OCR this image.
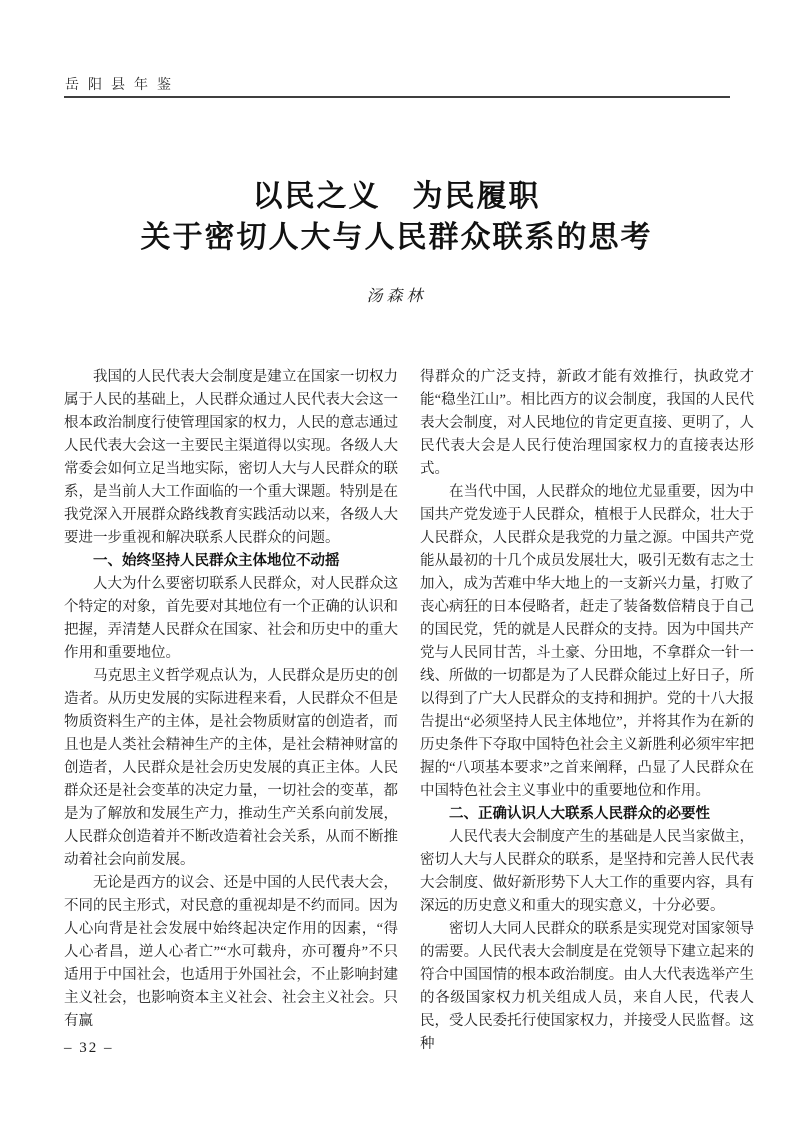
岳阳县年鉴
以民之义　为民履职
关于密切人大与人民群众联系的思考
汤森林

我国的人民代表大会制度是建立在国家一切权力属于人民的基础上，人民群众通过人民代表大会这一根本政治制度行使管理国家的权力，人民的意志通过人民代表大会这一主要民主渠道得以实现。各级人大常委会如何立足当地实际，密切人大与人民群众的联系，是当前人大工作面临的一个重大课题。特别是在我党深入开展群众路线教育实践活动以来，各级人大要进一步重视和解决联系人民群众的问题。

一、始终坚持人民群众主体地位不动摇

人大为什么要密切联系人民群众，对人民群众这个特定的对象，首先要对其地位有一个正确的认识和把握，弄清楚人民群众在国家、社会和历史中的重大作用和重要地位。

马克思主义哲学观点认为，人民群众是历史的创造者。从历史发展的实际进程来看，人民群众不但是物质资料生产的主体，是社会物质财富的创造者，而且也是人类社会精神生产的主体，是社会精神财富的创造者，人民群众是社会历史发展的真正主体。人民群众还是社会变革的决定力量，一切社会的变革，都是为了解放和发展生产力，推动生产关系向前发展，人民群众创造着并不断改造着社会关系，从而不断推动着社会向前发展。

无论是西方的议会、还是中国的人民代表大会，不同的民主形式，对民意的重视却是不约而同。因为人心向背是社会发展中始终起决定作用的因素，“得人心者昌，逆人心者亡”“水可载舟，亦可覆舟”不只适用于中国社会，也适用于外国社会，不止影响封建主义社会，也影响资本主义社会、社会主义社会。只有赢

得群众的广泛支持，新政才能有效推行，执政党才能“稳坐江山”。相比西方的议会制度，我国的人民代表大会制度，对人民地位的肯定更直接、更明了，人民代表大会是人民行使治理国家权力的直接表达形式。

在当代中国，人民群众的地位尤显重要，因为中国共产党发迹于人民群众，植根于人民群众，壮大于人民群众，人民群众是我党的力量之源。中国共产党能从最初的十几个成员发展壮大，吸引无数有志之士加入，成为苦难中华大地上的一支新兴力量，打败了丧心病狂的日本侵略者，赶走了装备数倍精良于自己的国民党，凭的就是人民群众的支持。因为中国共产党与人民同甘苦，斗土豪、分田地，不拿群众一针一线、所做的一切都是为了人民群众能过上好日子，所以得到了广大人民群众的支持和拥护。党的十八大报告提出“必须坚持人民主体地位”，并将其作为在新的历史条件下夺取中国特色社会主义新胜利必须牢牢把握的“八项基本要求”之首来阐释，凸显了人民群众在中国特色社会主义事业中的重要地位和作用。

二、正确认识人大联系人民群众的必要性

人民代表大会制度产生的基础是人民当家做主，密切人大与人民群众的联系，是坚持和完善人民代表大会制度、做好新形势下人大工作的重要内容，具有深远的历史意义和重大的现实意义，十分必要。

密切人大同人民群众的联系是实现党对国家领导的需要。人民代表大会制度是在党领导下建立起来的符合中国国情的根本政治制度。由人大代表选举产生的各级国家权力机关组成人员，来自人民，代表人民，受人民委托行使国家权力，并接受人民监督。这种

– 32 –
